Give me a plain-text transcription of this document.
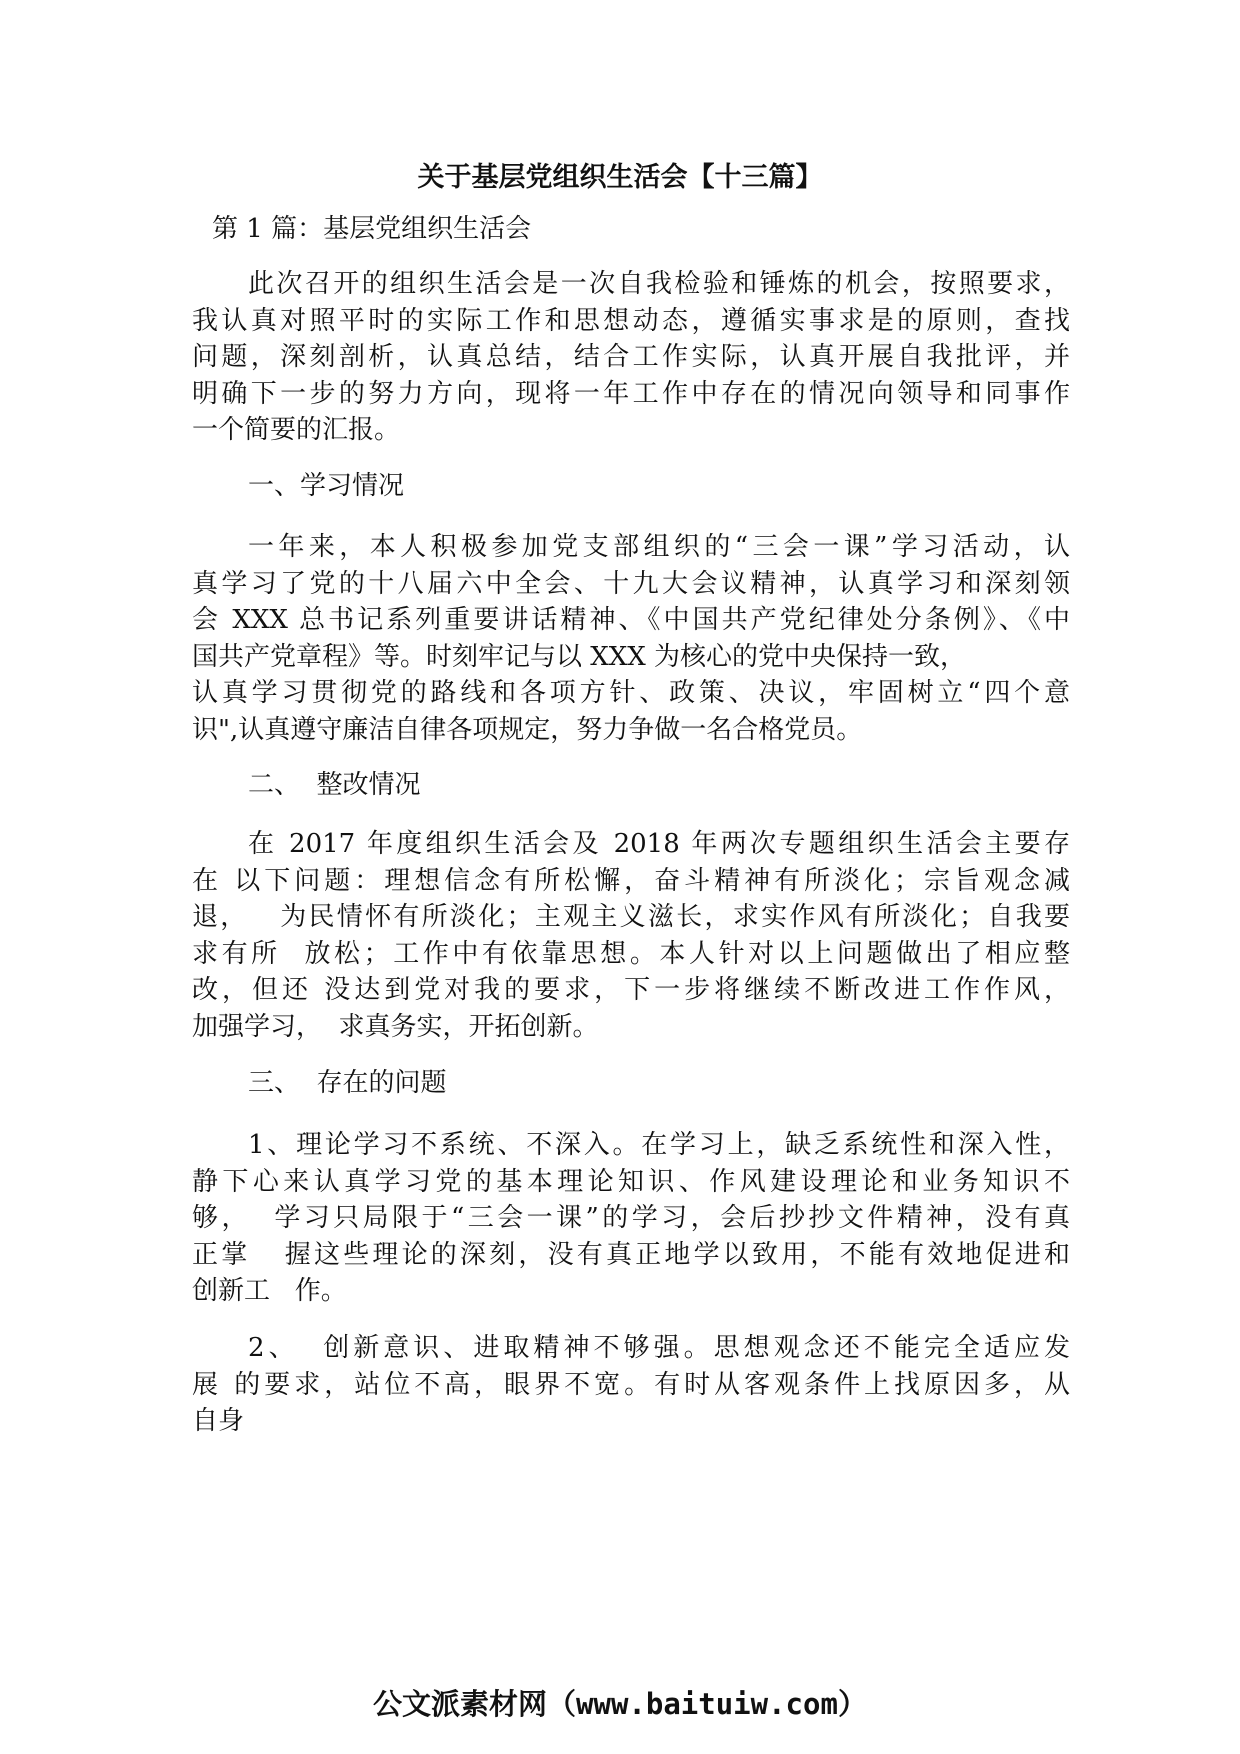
关于基层党组织生活会【十三篇】

第 1 篇：基层党组织生活会

此次召开的组织生活会是一次自我检验和锤炼的机会，按照要求，
我认真对照平时的实际工作和思想动态，遵循实事求是的原则，查找
问题，深刻剖析，认真总结，结合工作实际，认真开展自我批评，并
明确下一步的努力方向，现将一年工作中存在的情况向领导和同事作
一个简要的汇报。

一、学习情况

一年来，本人积极参加党支部组织的“三会一课”学习活动，认
真学习了党的十八届六中全会、十九大会议精神，认真学习和深刻领
会 XXX 总书记系列重要讲话精神、《中国共产党纪律处分条例》、《中
国共产党章程》等。时刻牢记与以 XXX 为核心的党中央保持一致，
认真学习贯彻党的路线和各项方针、政策、决议，牢固树立“四个意
识",认真遵守廉洁自律各项规定，努力争做一名合格党员。

二、  整改情况

在 2017 年度组织生活会及 2018 年两次专题组织生活会主要存
在 以下问题：理想信念有所松懈，奋斗精神有所淡化；宗旨观念减
退，   为民情怀有所淡化；主观主义滋长，求实作风有所淡化；自我要
求有所  放松；工作中有依靠思想。本人针对以上问题做出了相应整
改，但还 没达到党对我的要求，下一步将继续不断改进工作作风，
加强学习，  求真务实，开拓创新。

三、  存在的问题

1、理论学习不系统、不深入。在学习上，缺乏系统性和深入性，
静下心来认真学习党的基本理论知识、作风建设理论和业务知识不
够，  学习只局限于“三会一课”的学习，会后抄抄文件精神，没有真
正掌   握这些理论的深刻，没有真正地学以致用，不能有效地促进和
创新工   作。

2、  创新意识、进取精神不够强。思想观念还不能完全适应发
展 的要求，站位不高，眼界不宽。有时从客观条件上找原因多，从
自身

公文派素材网（www.baituiw.com）
